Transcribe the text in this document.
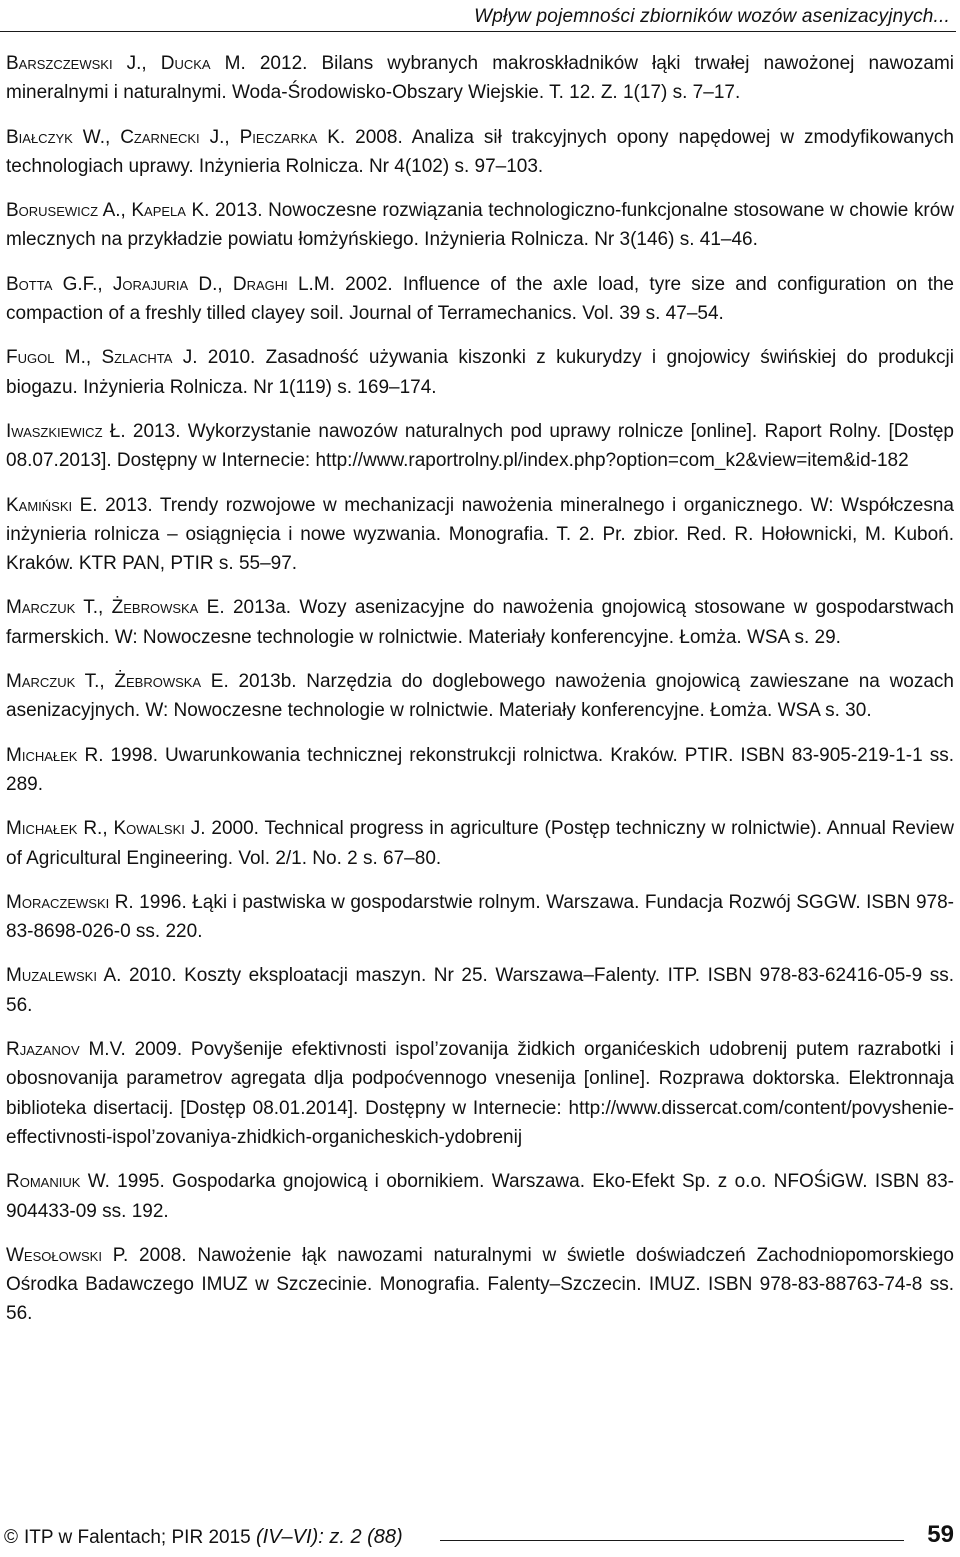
Wpływ pojemności zbiorników wozów asenizacyjnych...
Barszczewski J., Ducka M. 2012. Bilans wybranych makroskładników łąki trwałej nawożonej nawozami mineralnymi i naturalnymi. Woda-Środowisko-Obszary Wiejskie. T. 12. Z. 1(17) s. 7–17.
Białczyk W., Czarnecki J., Pieczarka K. 2008. Analiza sił trakcyjnych opony napędowej w zmodyfikowanych technologiach uprawy. Inżynieria Rolnicza. Nr 4(102) s. 97–103.
Borusewicz A., Kapela K. 2013. Nowoczesne rozwiązania technologiczno-funkcjonalne stosowane w chowie krów mlecznych na przykładzie powiatu łomżyńskiego. Inżynieria Rolnicza. Nr 3(146) s. 41–46.
Botta G.F., Jorajuria D., Draghi L.M. 2002. Influence of the axle load, tyre size and configuration on the compaction of a freshly tilled clayey soil. Journal of Terramechanics. Vol. 39 s. 47–54.
Fugol M., Szlachta J. 2010. Zasadność używania kiszonki z kukurydzy i gnojowicy świńskiej do produkcji biogazu. Inżynieria Rolnicza. Nr 1(119) s. 169–174.
Iwaszkiewicz Ł. 2013. Wykorzystanie nawozów naturalnych pod uprawy rolnicze [online]. Raport Rolny. [Dostęp 08.07.2013]. Dostępny w Internecie: http://www.raportrolny.pl/index.php?option=com_k2&view=item&id-182
Kamiński E. 2013. Trendy rozwojowe w mechanizacji nawożenia mineralnego i organicznego. W: Współczesna inżynieria rolnicza – osiągnięcia i nowe wyzwania. Monografia. T. 2. Pr. zbior. Red. R. Hołownicki, M. Kuboń. Kraków. KTR PAN, PTIR s. 55–97.
Marczuk T., Żebrowska E. 2013a. Wozy asenizacyjne do nawożenia gnojowicą stosowane w gospodarstwach farmerskich. W: Nowoczesne technologie w rolnictwie. Materiały konferencyjne. Łomża. WSA s. 29.
Marczuk T., Żebrowska E. 2013b. Narzędzia do doglebowego nawożenia gnojowicą zawieszane na wozach asenizacyjnych. W: Nowoczesne technologie w rolnictwie. Materiały konferencyjne. Łomża. WSA s. 30.
Michałek R. 1998. Uwarunkowania technicznej rekonstrukcji rolnictwa. Kraków. PTIR. ISBN 83-905-219-1-1 ss. 289.
Michałek R., Kowalski J. 2000. Technical progress in agriculture (Postęp techniczny w rolnictwie). Annual Review of Agricultural Engineering. Vol. 2/1. No. 2 s. 67–80.
Moraczewski R. 1996. Łąki i pastwiska w gospodarstwie rolnym. Warszawa. Fundacja Rozwój SGGW. ISBN 978-83-8698-026-0 ss. 220.
Muzalewski A. 2010. Koszty eksploatacji maszyn. Nr 25. Warszawa–Falenty. ITP. ISBN 978-83-62416-05-9 ss. 56.
Rjazanov M.V. 2009. Povyšenije efektivnosti ispol’zovanija židkich organićeskich udobrenij putem razrabotki i obosnovanija parametrov agregata dlja podpoćvennogo vnesenija [online]. Rozprawa doktorska. Elektronnaja biblioteka disertacij. [Dostęp 08.01.2014]. Dostępny w Internecie: http://www.dissercat.com/content/povyshenie-effectivnosti-ispol’zovaniya-zhidkich-organicheskich-ydobrenij
Romaniuk W. 1995. Gospodarka gnojowicą i obornikiem. Warszawa. Eko-Efekt Sp. z o.o. NFOŚiGW. ISBN 83-904433-09 ss. 192.
Wesołowski P. 2008. Nawożenie łąk nawozami naturalnymi w świetle doświadczeń Zachodniopomorskiego Ośrodka Badawczego IMUZ w Szczecinie. Monografia. Falenty–Szczecin. IMUZ. ISBN 978-83-88763-74-8 ss. 56.
© ITP w Falentach; PIR 2015 (IV–VI): z. 2 (88)	59
